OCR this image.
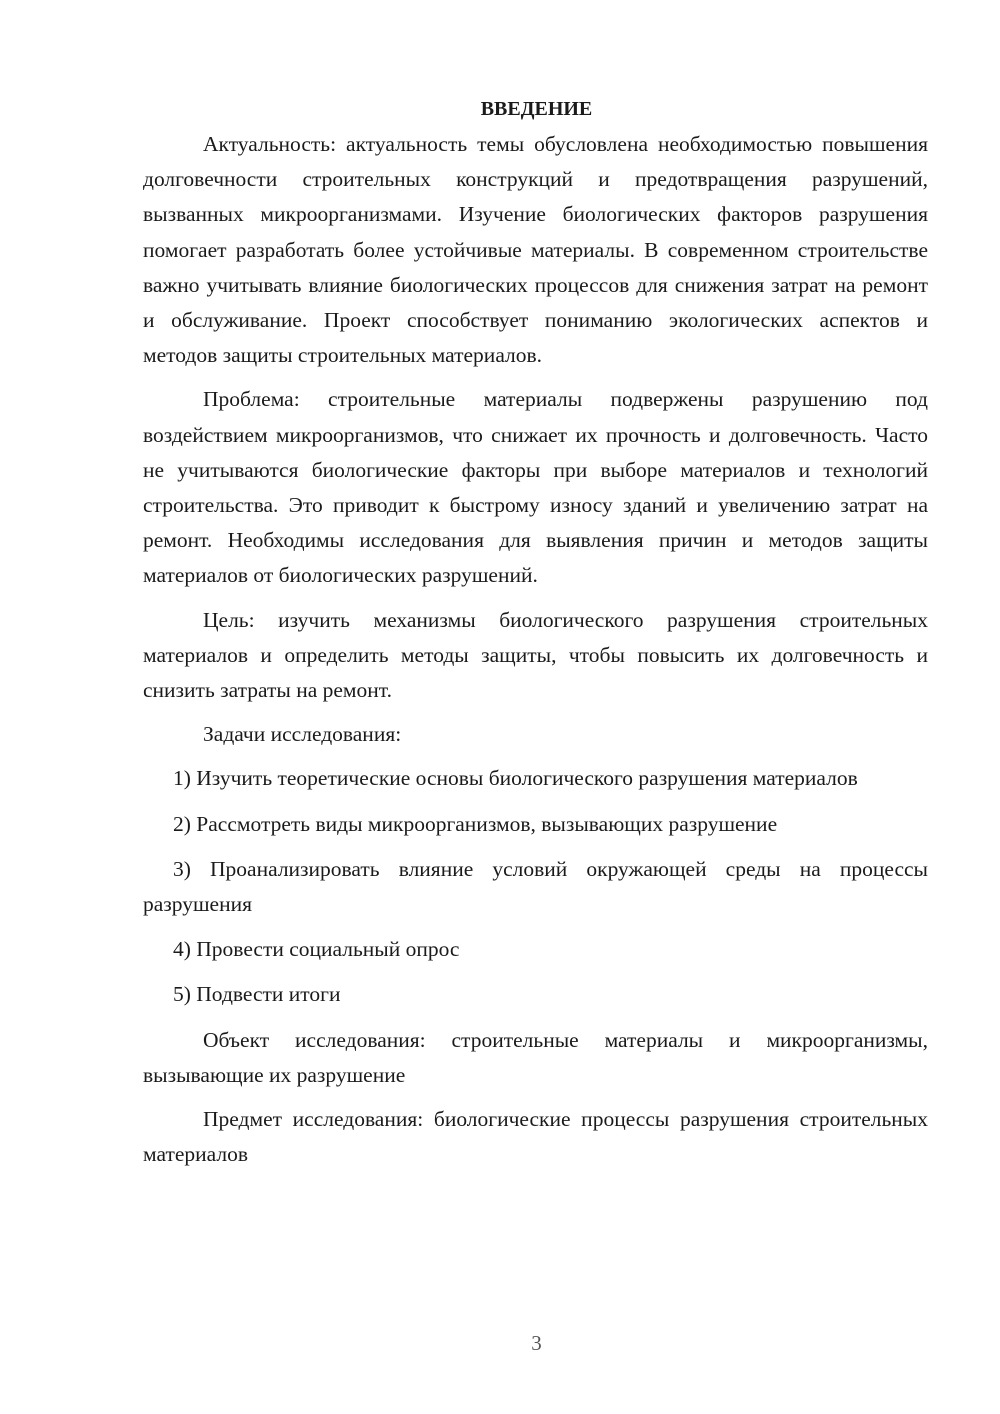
ВВЕДЕНИЕ

Актуальность: актуальность темы обусловлена необходимостью повышения долговечности строительных конструкций и предотвращения разрушений, вызванных микроорганизмами. Изучение биологических факторов разрушения помогает разработать более устойчивые материалы. В современном строительстве важно учитывать влияние биологических процессов для снижения затрат на ремонт и обслуживание. Проект способствует пониманию экологических аспектов и методов защиты строительных материалов.

Проблема: строительные материалы подвержены разрушению под воздействием микроорганизмов, что снижает их прочность и долговечность. Часто не учитываются биологические факторы при выборе материалов и технологий строительства. Это приводит к быстрому износу зданий и увеличению затрат на ремонт. Необходимы исследования для выявления причин и методов защиты материалов от биологических разрушений.

Цель: изучить механизмы биологического разрушения строительных материалов и определить методы защиты, чтобы повысить их долговечность и снизить затраты на ремонт.

Задачи исследования:

1) Изучить теоретические основы биологического разрушения материалов

2) Рассмотреть виды микроорганизмов, вызывающих разрушение

3) Проанализировать влияние условий окружающей среды на процессы разрушения

4) Провести социальный опрос

5) Подвести итоги

Объект исследования: строительные материалы и микроорганизмы, вызывающие их разрушение

Предмет исследования: биологические процессы разрушения строительных материалов

3
